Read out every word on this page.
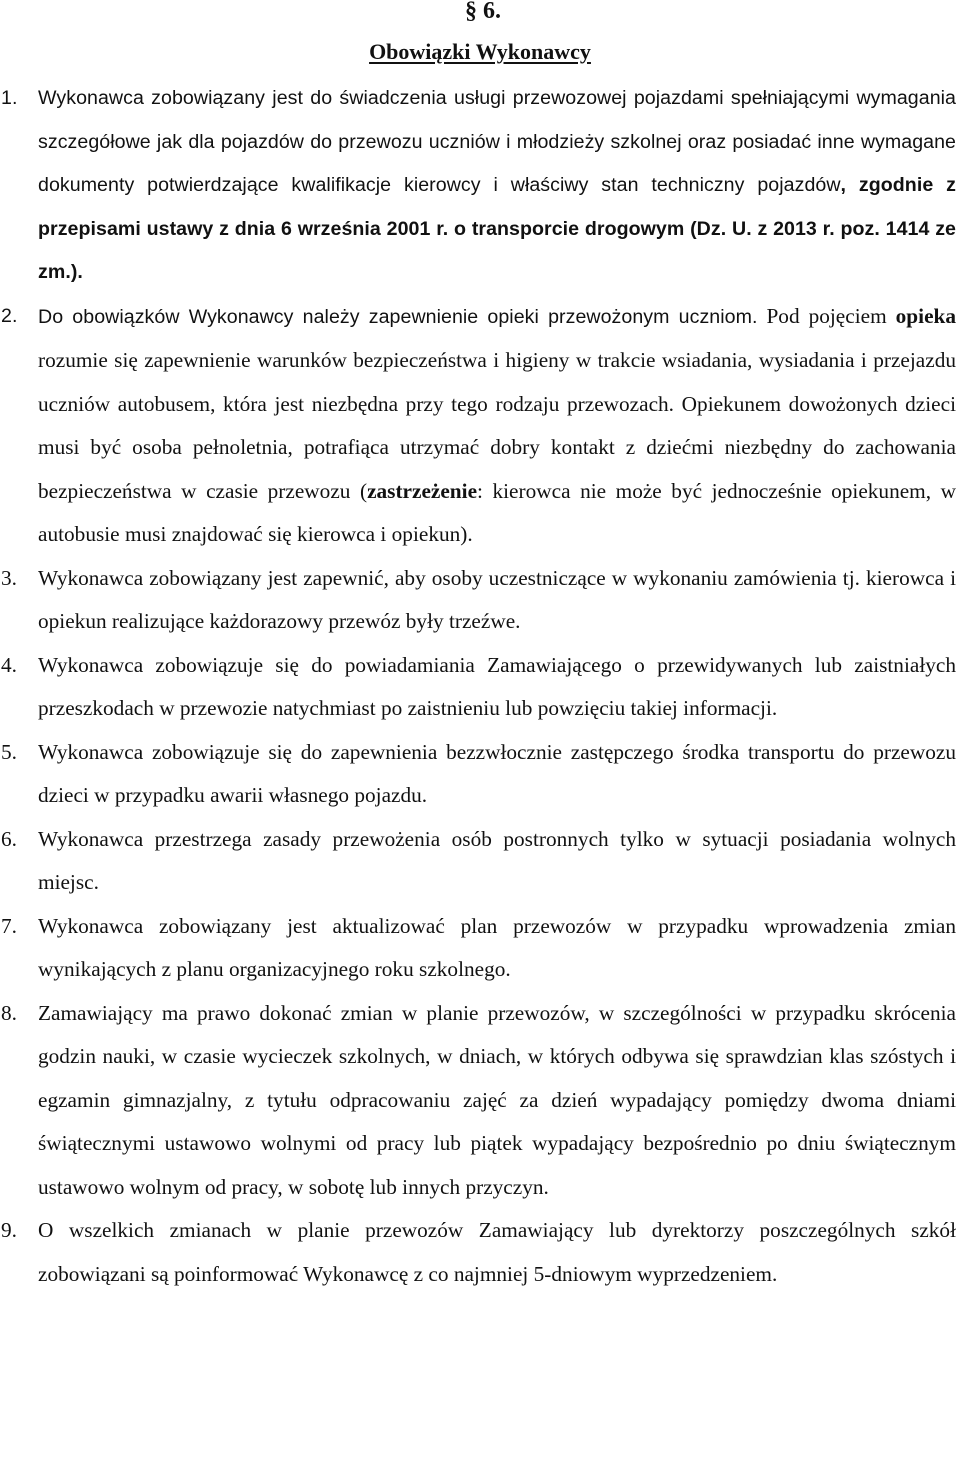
§ 6.
Obowiązki Wykonawcy
1. Wykonawca zobowiązany jest do świadczenia usługi przewozowej pojazdami spełniającymi wymagania szczegółowe jak dla pojazdów do przewozu uczniów i młodzieży szkolnej oraz posiadać inne wymagane dokumenty potwierdzające kwalifikacje kierowcy i właściwy stan techniczny pojazdów, zgodnie z przepisami ustawy z dnia 6 września 2001 r. o transporcie drogowym (Dz. U. z 2013 r. poz. 1414 ze zm.).
2. Do obowiązków Wykonawcy należy zapewnienie opieki przewożonym uczniom. Pod pojęciem opieka rozumie się zapewnienie warunków bezpieczeństwa i higieny w trakcie wsiadania, wysiadania i przejazdu uczniów autobusem, która jest niezbędna przy tego rodzaju przewozach. Opiekunem dowożonych dzieci musi być osoba pełnoletnia, potrafiąca utrzymać dobry kontakt z dziećmi niezbędny do zachowania bezpieczeństwa w czasie przewozu (zastrzeżenie: kierowca nie może być jednocześnie opiekunem, w autobusie musi znajdować się kierowca i opiekun).
3. Wykonawca zobowiązany jest zapewnić, aby osoby uczestniczące w wykonaniu zamówienia tj. kierowca i opiekun realizujące każdorazowy przewóz były trzeźwe.
4. Wykonawca zobowiązuje się do powiadamiania Zamawiającego o przewidywanych lub zaistniałych przeszkodach w przewozie natychmiast po zaistnieniu lub powzięciu takiej informacji.
5. Wykonawca zobowiązuje się do zapewnienia bezzwłocznie zastępczego środka transportu do przewozu dzieci w przypadku awarii własnego pojazdu.
6. Wykonawca przestrzega zasady przewożenia osób postronnych tylko w sytuacji posiadania wolnych miejsc.
7. Wykonawca zobowiązany jest aktualizować plan przewozów w przypadku wprowadzenia zmian wynikających z planu organizacyjnego roku szkolnego.
8. Zamawiający ma prawo dokonać zmian w planie przewozów, w szczególności w przypadku skrócenia godzin nauki, w czasie wycieczek szkolnych, w dniach, w których odbywa się sprawdzian klas szóstych i egzamin gimnazjalny, z tytułu odpracowaniu zajęć za dzień wypadający pomiędzy dwoma dniami świątecznymi ustawowo wolnymi od pracy lub piątek wypadający bezpośrednio po dniu świątecznym ustawowo wolnym od pracy, w sobotę lub innych przyczyn.
9. O wszelkich zmianach w planie przewozów Zamawiający lub dyrektorzy poszczególnych szkół zobowiązani są poinformować Wykonawcę z co najmniej 5-dniowym wyprzedzeniem.
